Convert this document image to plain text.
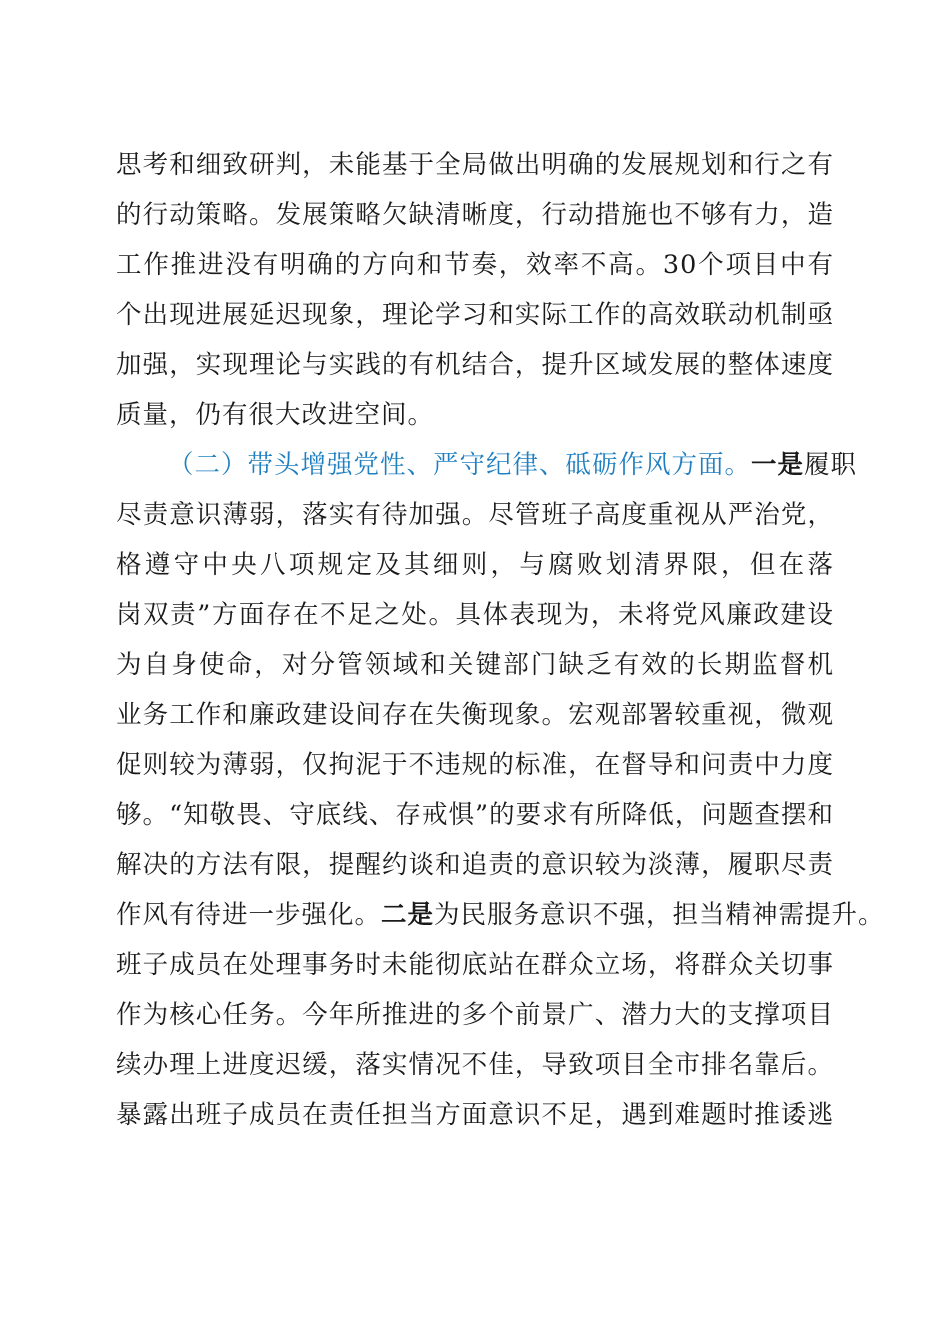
思考和细致研判，未能基于全局做出明确的发展规划和行之有
的行动策略。发展策略欠缺清晰度，行动措施也不够有力，造
工作推进没有明确的方向和节奏，效率不高。30个项目中有
个出现进展延迟现象，理论学习和实际工作的高效联动机制亟
加强，实现理论与实践的有机结合，提升区域发展的整体速度
质量，仍有很大改进空间。
（二）带头增强党性、严守纪律、砥砺作风方面。一是履职
尽责意识薄弱，落实有待加强。尽管班子高度重视从严治党，
格遵守中央八项规定及其细则，与腐败划清界限，但在落
岗双责”方面存在不足之处。具体表现为，未将党风廉政建设
为自身使命，对分管领域和关键部门缺乏有效的长期监督机
业务工作和廉政建设间存在失衡现象。宏观部署较重视，微观
促则较为薄弱，仅拘泥于不违规的标准，在督导和问责中力度
够。“知敬畏、守底线、存戒惧”的要求有所降低，问题查摆和
解决的方法有限，提醒约谈和追责的意识较为淡薄，履职尽责
作风有待进一步强化。二是为民服务意识不强，担当精神需提升。
班子成员在处理事务时未能彻底站在群众立场，将群众关切事
作为核心任务。今年所推进的多个前景广、潜力大的支撑项目
续办理上进度迟缓，落实情况不佳，导致项目全市排名靠后。
暴露出班子成员在责任担当方面意识不足，遇到难题时推诿逃
